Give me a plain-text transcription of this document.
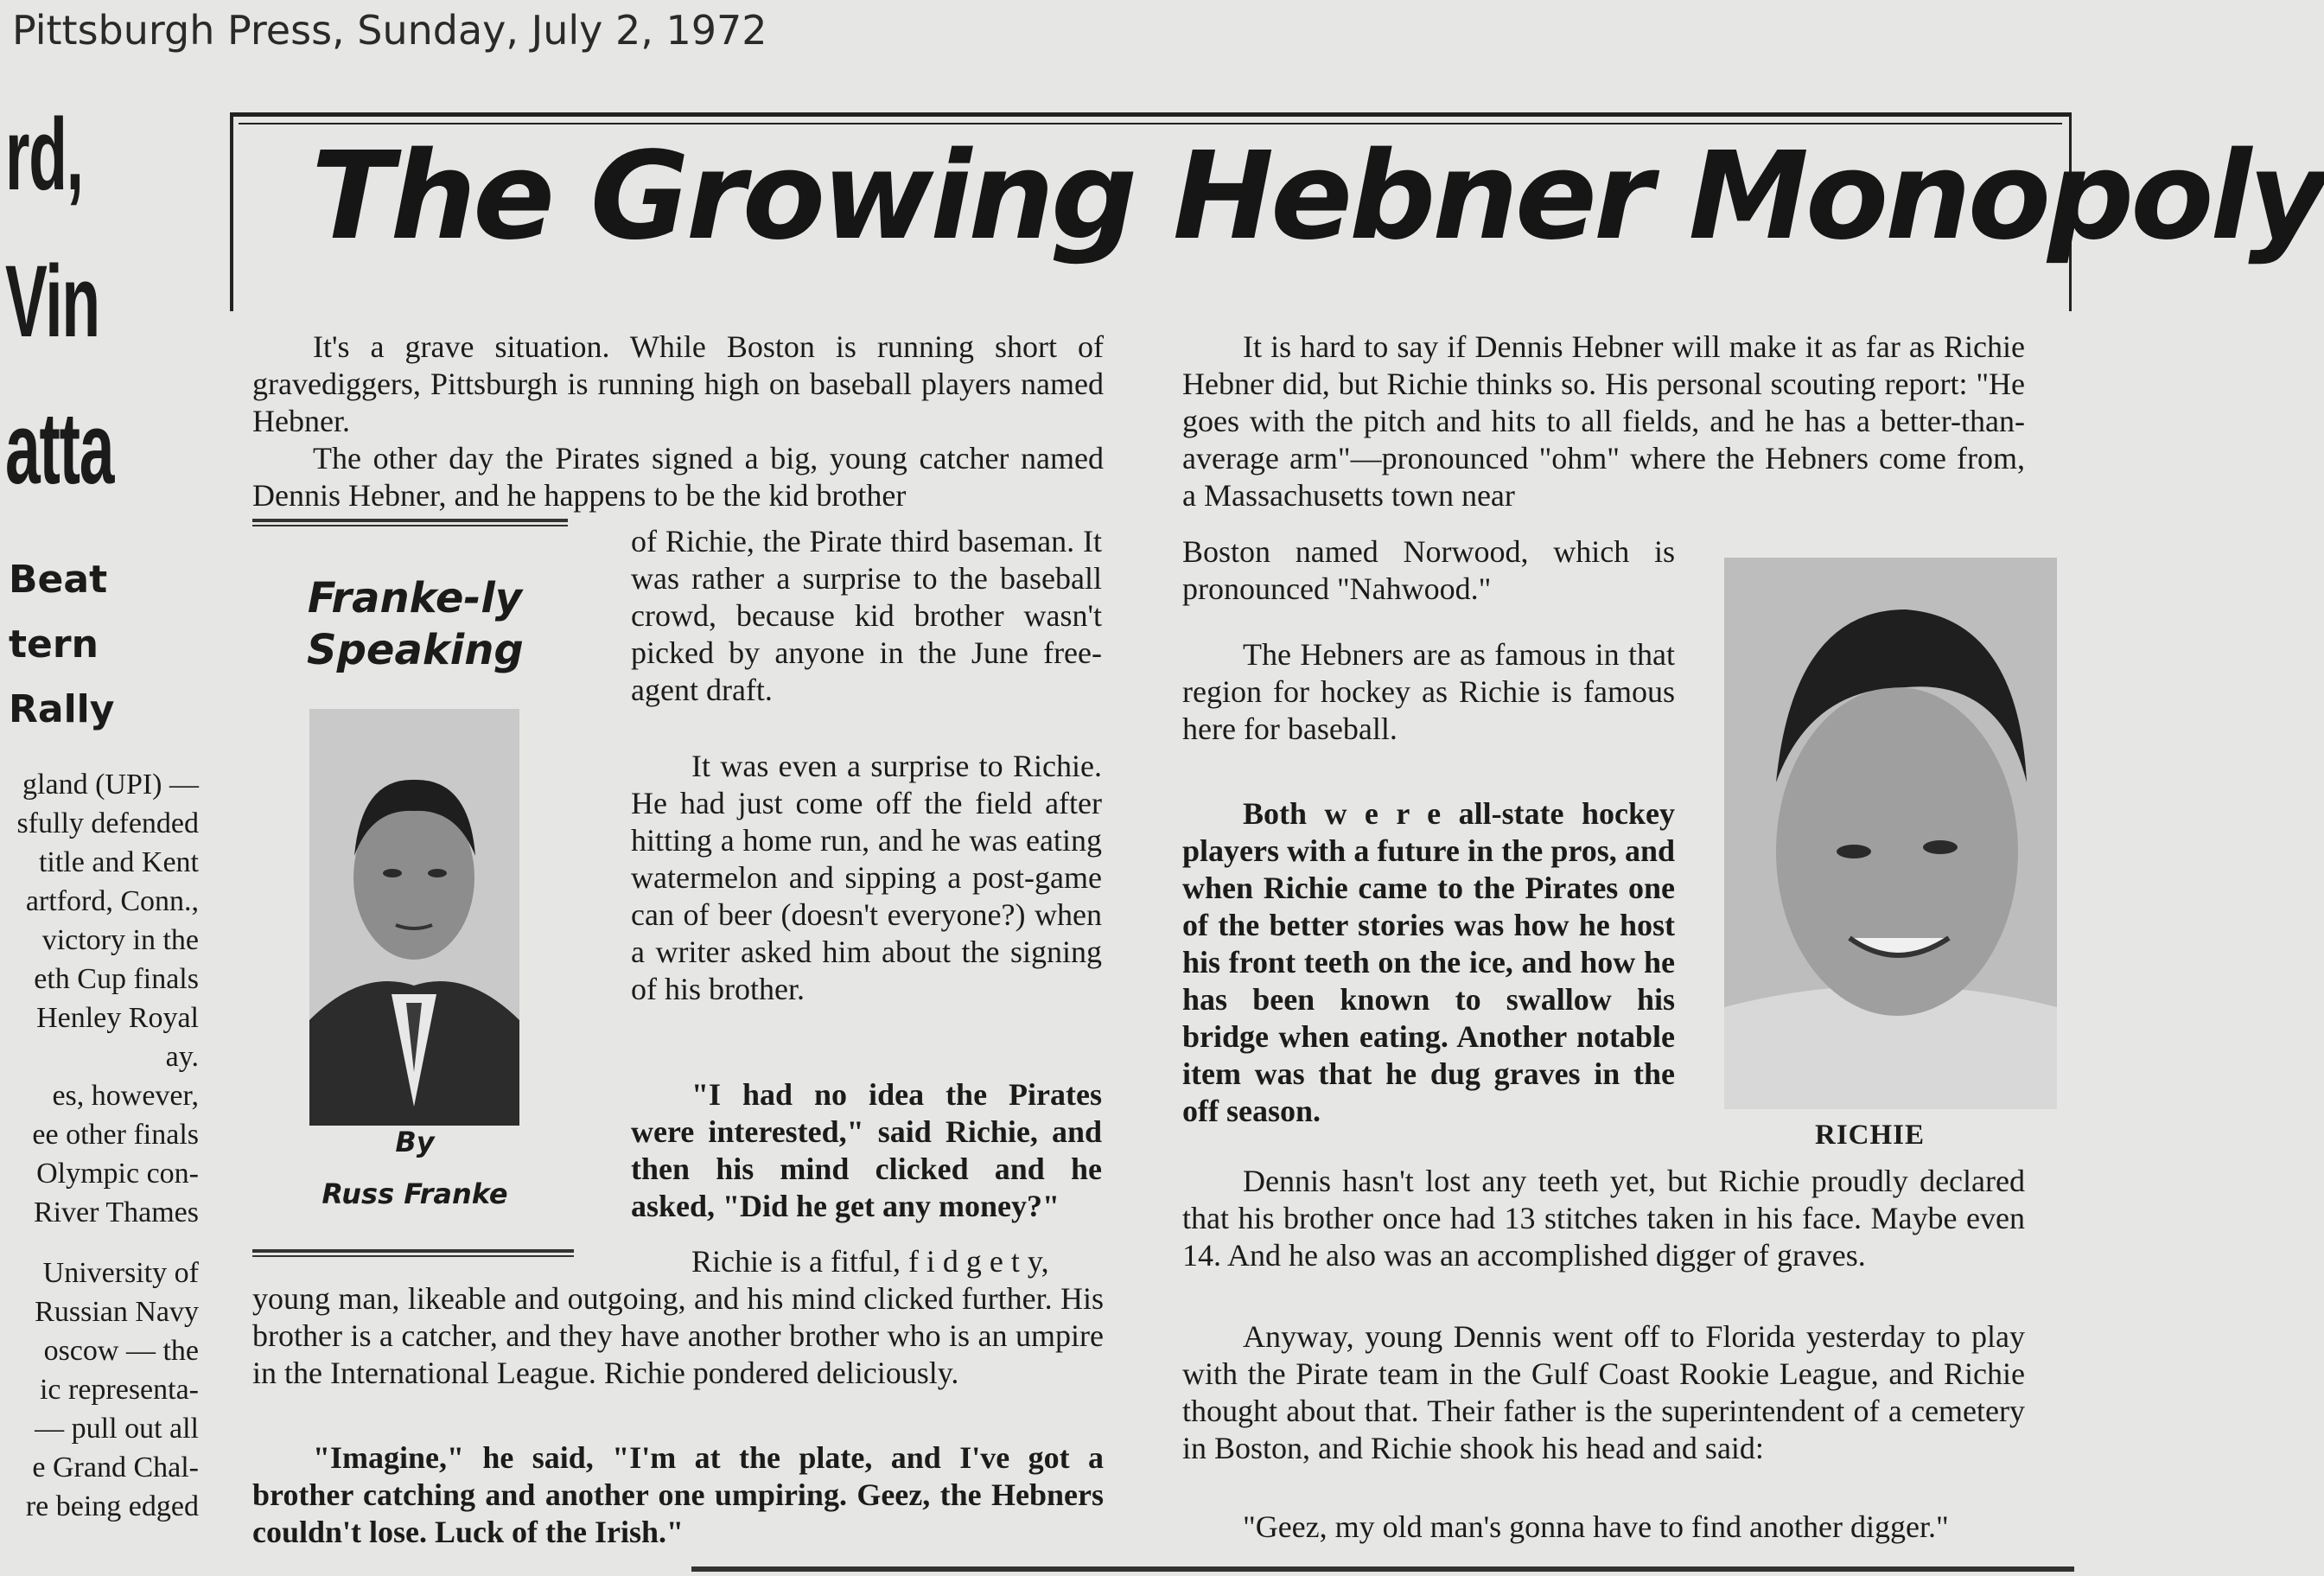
Pittsburgh Press, Sunday, July 2, 1972
rd,
Vin
atta
Beat
tern
Rally
gland (UPI) —
sfully defended
title and Kent
artford, Conn.,
victory in the
eth Cup finals
Henley Royal
ay.
es, however,
ee other finals
Olympic con-
River Thames
University of
Russian Navy
oscow — the
ic representa-
— pull out all
e Grand Chal-
re being edged
The Growing Hebner Monopoly
It's a grave situation. While Boston is running short of gravediggers, Pittsburgh is running high on baseball players named Hebner.
The other day the Pirates signed a big, young catcher named Dennis Hebner, and he happens to be the kid brother
Franke-ly
Speaking
By
Russ Franke
of Richie, the Pirate third baseman. It was rather a surprise to the baseball crowd, because kid brother wasn't picked by anyone in the June free-agent draft.
It was even a surprise to Richie. He had just come off the field after hitting a home run, and he was eating watermelon and sipping a post-game can of beer (doesn't everyone?) when a writer asked him about the signing of his brother.
"I had no idea the Pirates were interested," said Richie, and then his mind clicked and he asked, "Did he get any money?"
Richie is a fitful, f i d g e t y,
young man, likeable and outgoing, and his mind clicked further. His brother is a catcher, and they have another brother who is an umpire in the International League. Richie pondered deliciously.
"Imagine," he said, "I'm at the plate, and I've got a brother catching and another one umpiring. Geez, the Hebners couldn't lose. Luck of the Irish."
It is hard to say if Dennis Hebner will make it as far as Richie Hebner did, but Richie thinks so. His personal scouting report: "He goes with the pitch and hits to all fields, and he has a better-than-average arm"—pronounced "ohm" where the Hebners come from, a Massachusetts town near
Boston named Norwood, which is pronounced "Nahwood."
The Hebners are as famous in that region for hockey as Richie is famous here for baseball.
Both w e r e all-state hockey players with a future in the pros, and when Richie came to the Pirates one of the better stories was how he host his front teeth on the ice, and how he has been known to swallow his bridge when eating. Another notable item was that he dug graves in the off season.
RICHIE
Dennis hasn't lost any teeth yet, but Richie proudly declared that his brother once had 13 stitches taken in his face. Maybe even 14. And he also was an accomplished digger of graves.
Anyway, young Dennis went off to Florida yesterday to play with the Pirate team in the Gulf Coast Rookie League, and Richie thought about that. Their father is the superintendent of a cemetery in Boston, and Richie shook his head and said:
"Geez, my old man's gonna have to find another digger."
